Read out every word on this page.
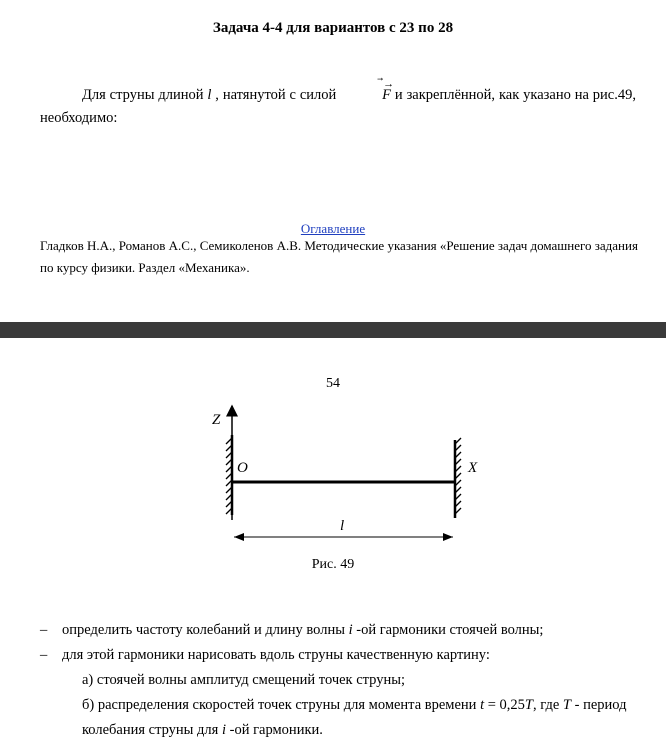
Задача 4-4 для вариантов с 23 по 28
Для струны длиной l , натянутой с силой
→
F и закреплённой, как указано на рис.49, необходимо:
Оглавление
Гладков Н.А., Романов А.С., Семиколенов А.В. Методические указания «Решение задач домашнего задания по курсу физики. Раздел «Механика».
54
Z
O	X
l
Рис. 49
– определить частоту колебаний и длину волны i -ой гармоники стоячей волны;
– для этой гармоники нарисовать вдоль струны качественную картину:
а) стоячей волны амплитуд смещений точек струны;
б) распределения скоростей точек струны для момента времени t = 0,25T, где T - период
колебания струны для i -ой гармоники.
